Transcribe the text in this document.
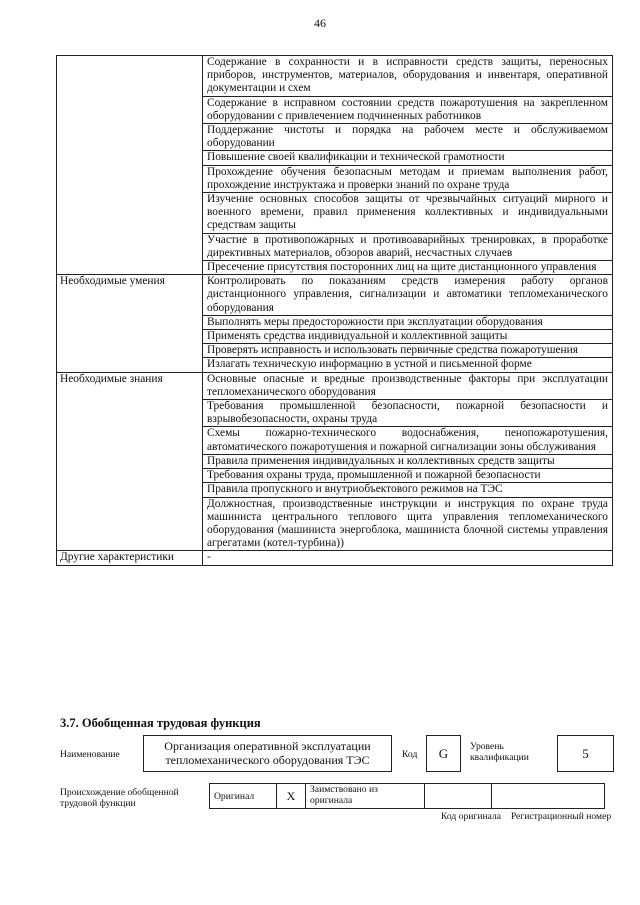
46
	Содержание в сохранности и в исправности средств защиты, переносных приборов, инструментов, материалов, оборудования и инвентаря, оперативной документации и схем
	Содержание в исправном состоянии средств пожаротушения на закрепленном оборудовании с привлечением подчиненных работников
	Поддержание чистоты и порядка на рабочем месте и обслуживаемом оборудовании
	Повышение своей квалификации и технической грамотности
	Прохождение обучения безопасным методам и приемам выполнения работ, прохождение инструктажа и проверки знаний по охране труда
	Изучение основных способов защиты от чрезвычайных ситуаций мирного и военного времени, правил применения коллективных и индивидуальными средствам защиты
	Участие в противопожарных и противоаварийных тренировках, в проработке директивных материалов, обзоров аварий, несчастных случаев
	Пресечение присутствия посторонних лиц на щите дистанционного управления
Необходимые умения	Контролировать по показаниям средств измерения работу органов дистанционного управления, сигнализации и автоматики тепломеханического оборудования
	Выполнять меры предосторожности при эксплуатации оборудования
	Применять средства индивидуальной и коллективной защиты
	Проверять исправность и использовать первичные средства пожаротушения
	Излагать техническую информацию в устной и письменной форме
Необходимые знания	Основные опасные и вредные производственные факторы при эксплуатации тепломеханического оборудования
	Требования промышленной безопасности, пожарной безопасности и взрывобезопасности, охраны труда
	Схемы пожарно-технического водоснабжения, пенопожаротушения, автоматического пожаротушения и пожарной сигнализации зоны обслуживания
	Правила применения индивидуальных и коллективных средств защиты
	Требования охраны труда, промышленной и пожарной безопасности
	Правила пропускного и внутриобъектового режимов на ТЭС
	Должностная, производственные инструкции и инструкция по охране труда машиниста центрального теплового щита управления тепломеханического оборудования (машиниста энергоблока, машиниста блочной системы управления агрегатами (котел-турбина))
Другие характеристики	-
3.7. Обобщенная трудовая функция
Наименование
Организация оперативной эксплуатации тепломеханического оборудования ТЭС	Код	G	Уровень квалификации	5
Происхождение обобщенной трудовой функции
Оригинал	X	Заимствовано из оригинала		
Код оригинала	Регистрационный номер
